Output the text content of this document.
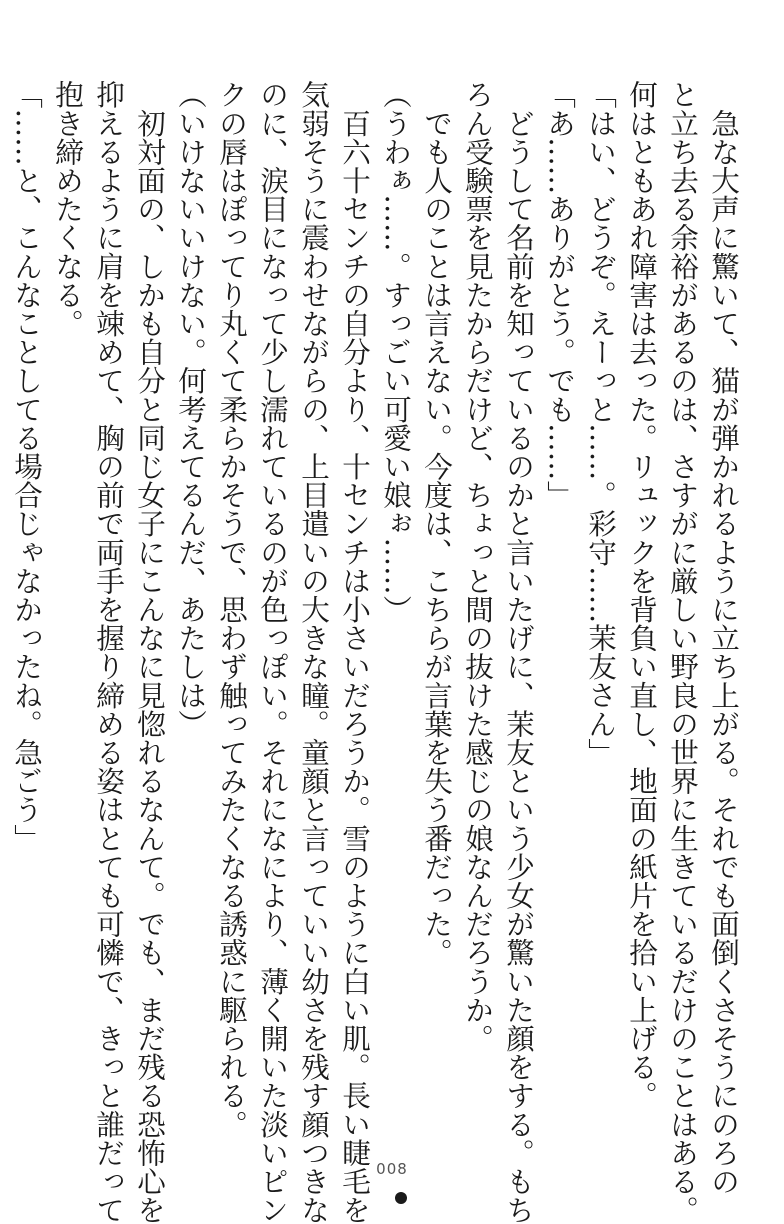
　急な大声に驚いて、猫が弾かれるように立ち上がる。それでも面倒くさそうにのろの
と立ち去る余裕があるのは、さすがに厳しい野良の世界に生きているだけのことはある。
何はともあれ障害は去った。リュックを背負い直し、地面の紙片を拾い上げる。
「はい、どうぞ。えーっと……。彩守……茉友さん」
「あ……ありがとう。でも……」
　どうして名前を知っているのかと言いたげに、茉友という少女が驚いた顔をする。もち
ろん受験票を見たからだけど、ちょっと間の抜けた感じの娘なんだろうか。
　でも人のことは言えない。今度は、こちらが言葉を失う番だった。
（うわぁ……。すっごい可愛い娘ぉ……）
　百六十センチの自分より、十センチは小さいだろうか。雪のように白い肌。長い睫毛を
気弱そうに震わせながらの、上目遣いの大きな瞳。童顔と言っていい幼さを残す顔つきな
のに、涙目になって少し濡れているのが色っぽい。それになにより、薄く開いた淡いピン
クの唇はぽってり丸くて柔らかそうで、思わず触ってみたくなる誘惑に駆られる。
（いけないいけない。何考えてるんだ、あたしは）
　初対面の、しかも自分と同じ女子にこんなに見惚れるなんて。でも、まだ残る恐怖心を
抑えるように肩を竦めて、胸の前で両手を握り締める姿はとても可憐で、きっと誰だって
抱き締めたくなる。
「……と、こんなことしてる場合じゃなかったね。急ごう」
008
